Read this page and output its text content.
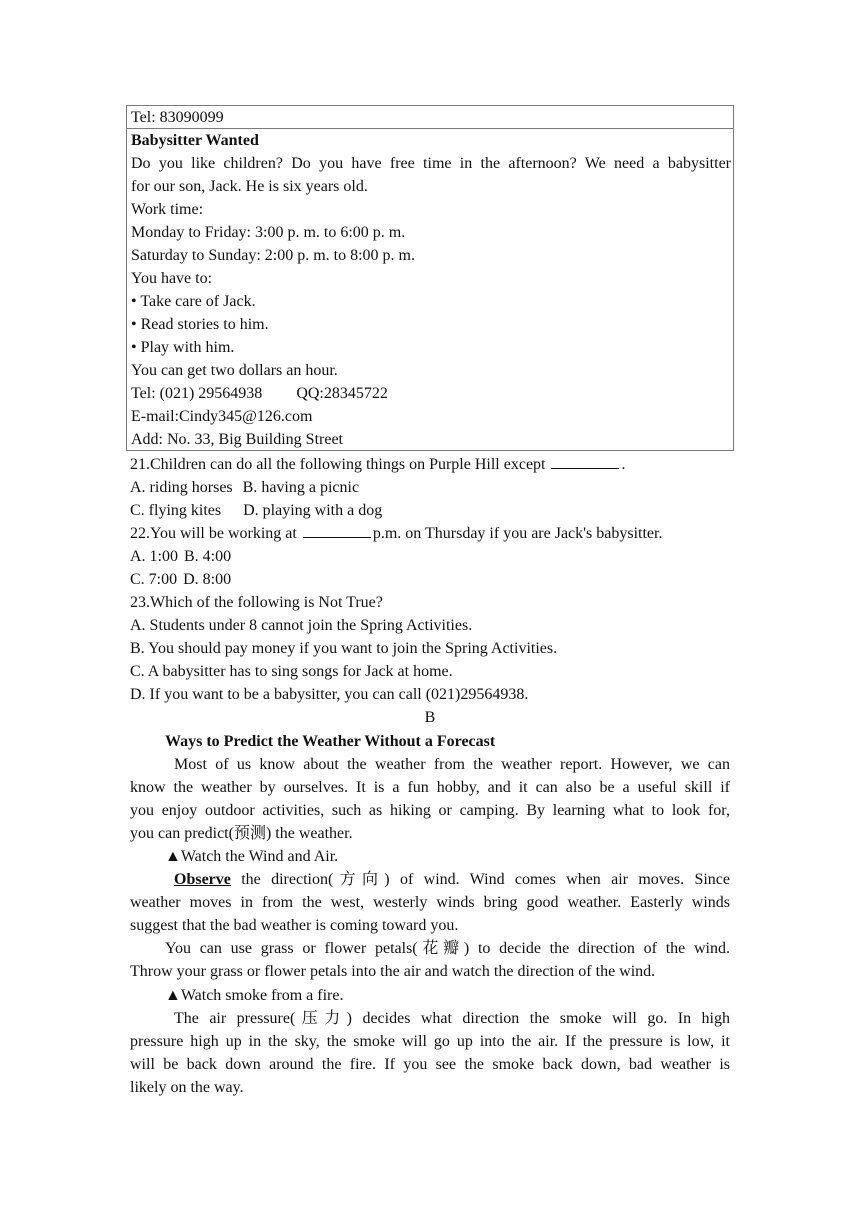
Tel: 83090099
Babysitter Wanted
Do you like children? Do you have free time in the afternoon? We need a babysitter
for our son, Jack. He is six years old.
Work time:
Monday to Friday: 3:00 p. m. to 6:00 p. m.
Saturday to Sunday: 2:00 p. m. to 8:00 p. m.
You have to:
• Take care of Jack.
• Read stories to him.
• Play with him.
You can get two dollars an hour.
Tel: (021) 29564938 QQ:28345722
E-mail:Cindy345@126.com
Add: No. 33, Big Building Street
21.Children can do all the following things on Purple Hill except	.
A. riding horses B. having a picnic
C. flying kites D. playing with a dog
22.You will be working at	p.m. on Thursday if you are Jack's babysitter.
A. 1:00 B. 4:00
C. 7:00 D. 8:00
23.Which of the following is Not True?
A. Students under 8 cannot join the Spring Activities.
B. You should pay money if you want to join the Spring Activities.
C. A babysitter has to sing songs for Jack at home.
D. If you want to be a babysitter, you can call (021)29564938.
B
Ways to Predict the Weather Without a Forecast
Most of us know about the weather from the weather report. However, we can
know the weather by ourselves. It is a fun hobby, and it can also be a useful skill if
you enjoy outdoor activities, such as hiking or camping. By learning what to look for,
you can predict(预测) the weather.
▲Watch the Wind and Air.
Observe the direction(方向) of wind. Wind comes when air moves. Since
weather moves in from the west, westerly winds bring good weather. Easterly winds
suggest that the bad weather is coming toward you.
You can use grass or flower petals(花瓣) to decide the direction of the wind.
Throw your grass or flower petals into the air and watch the direction of the wind.
▲Watch smoke from a fire.
The air pressure(压力) decides what direction the smoke will go. In high
pressure high up in the sky, the smoke will go up into the air. If the pressure is low, it
will be back down around the fire. If you see the smoke back down, bad weather is
likely on the way.
